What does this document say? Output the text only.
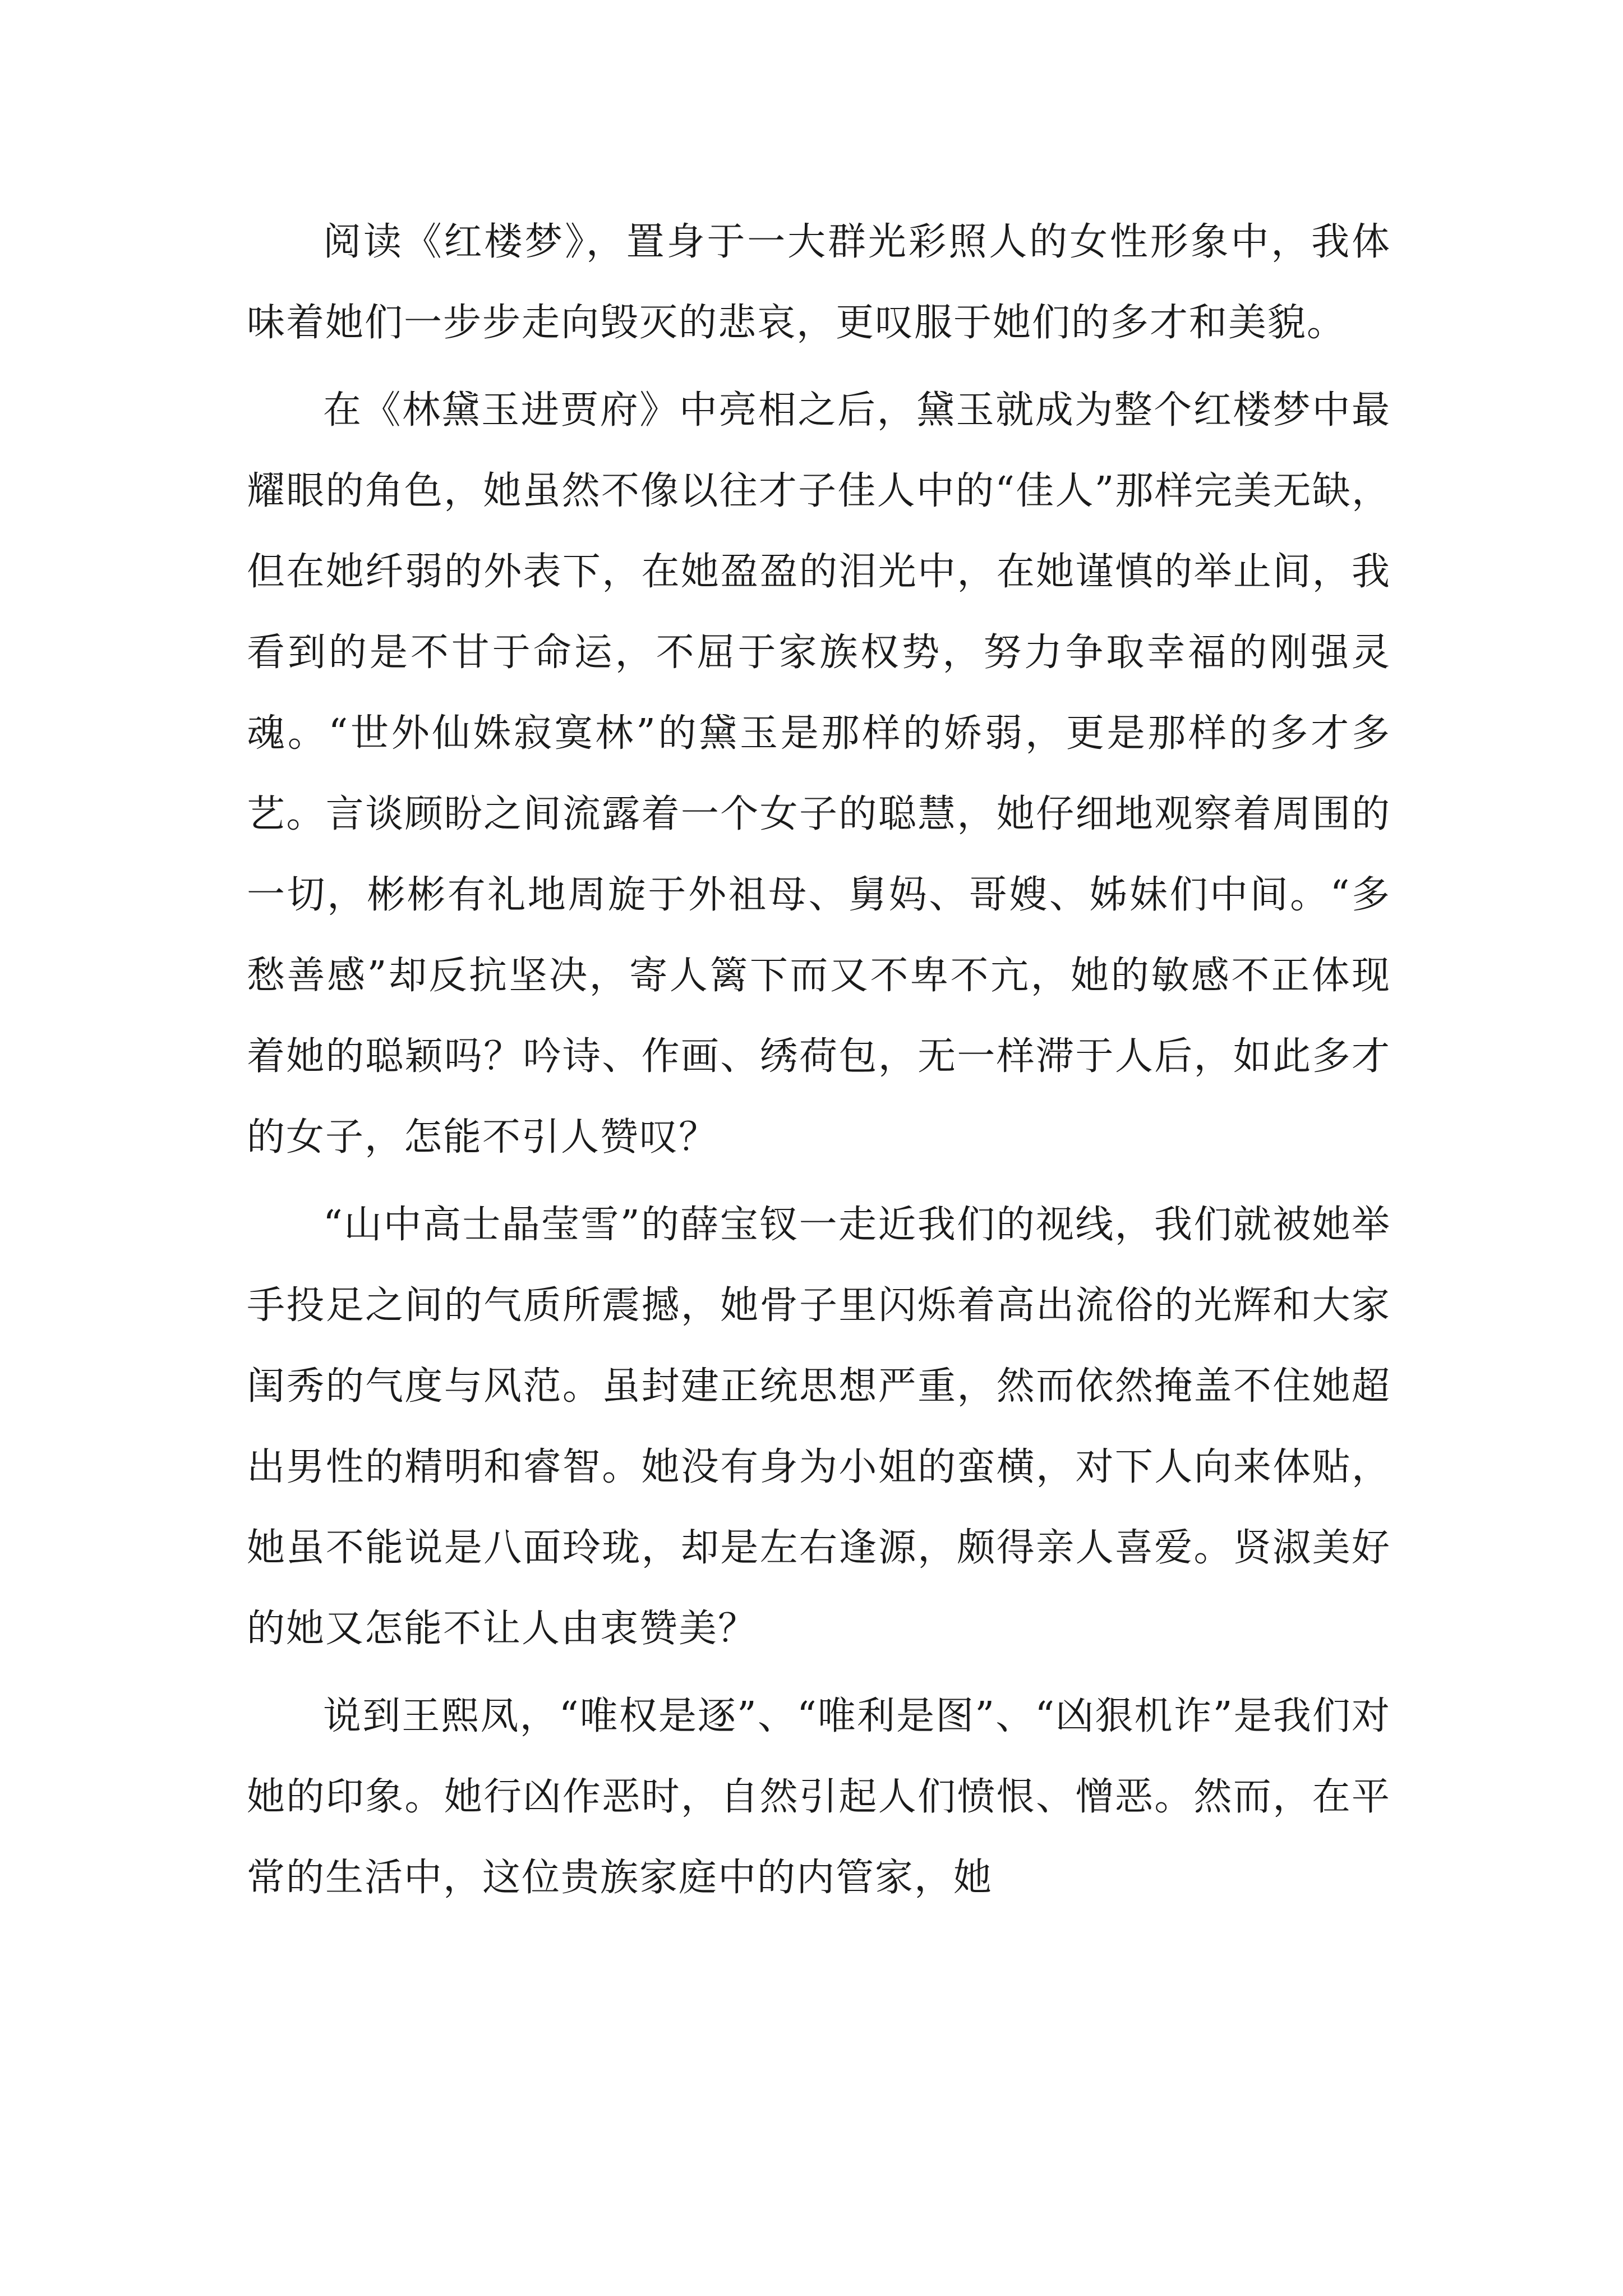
阅读《红楼梦》，置身于一大群光彩照人的女性形象中，我体味着她们一步步走向毁灭的悲哀，更叹服于她们的多才和美貌。

在《林黛玉进贾府》中亮相之后，黛玉就成为整个红楼梦中最耀眼的角色，她虽然不像以往才子佳人中的“佳人”那样完美无缺，但在她纤弱的外表下，在她盈盈的泪光中，在她谨慎的举止间，我看到的是不甘于命运，不屈于家族权势，努力争取幸福的刚强灵魂。“世外仙姝寂寞林”的黛玉是那样的娇弱，更是那样的多才多艺。言谈顾盼之间流露着一个女子的聪慧，她仔细地观察着周围的一切，彬彬有礼地周旋于外祖母、舅妈、哥嫂、姊妹们中间。“多愁善感”却反抗坚决，寄人篱下而又不卑不亢，她的敏感不正体现着她的聪颖吗？吟诗、作画、绣荷包，无一样滞于人后，如此多才的女子，怎能不引人赞叹？

“山中高士晶莹雪”的薛宝钗一走近我们的视线，我们就被她举手投足之间的气质所震撼，她骨子里闪烁着高出流俗的光辉和大家闺秀的气度与风范。虽封建正统思想严重，然而依然掩盖不住她超出男性的精明和睿智。她没有身为小姐的蛮横，对下人向来体贴，她虽不能说是八面玲珑，却是左右逢源，颇得亲人喜爱。贤淑美好的她又怎能不让人由衷赞美？

说到王熙凤，“唯权是逐”、“唯利是图”、“凶狠机诈”是我们对她的印象。她行凶作恶时，自然引起人们愤恨、憎恶。然而，在平常的生活中，这位贵族家庭中的内管家，她
